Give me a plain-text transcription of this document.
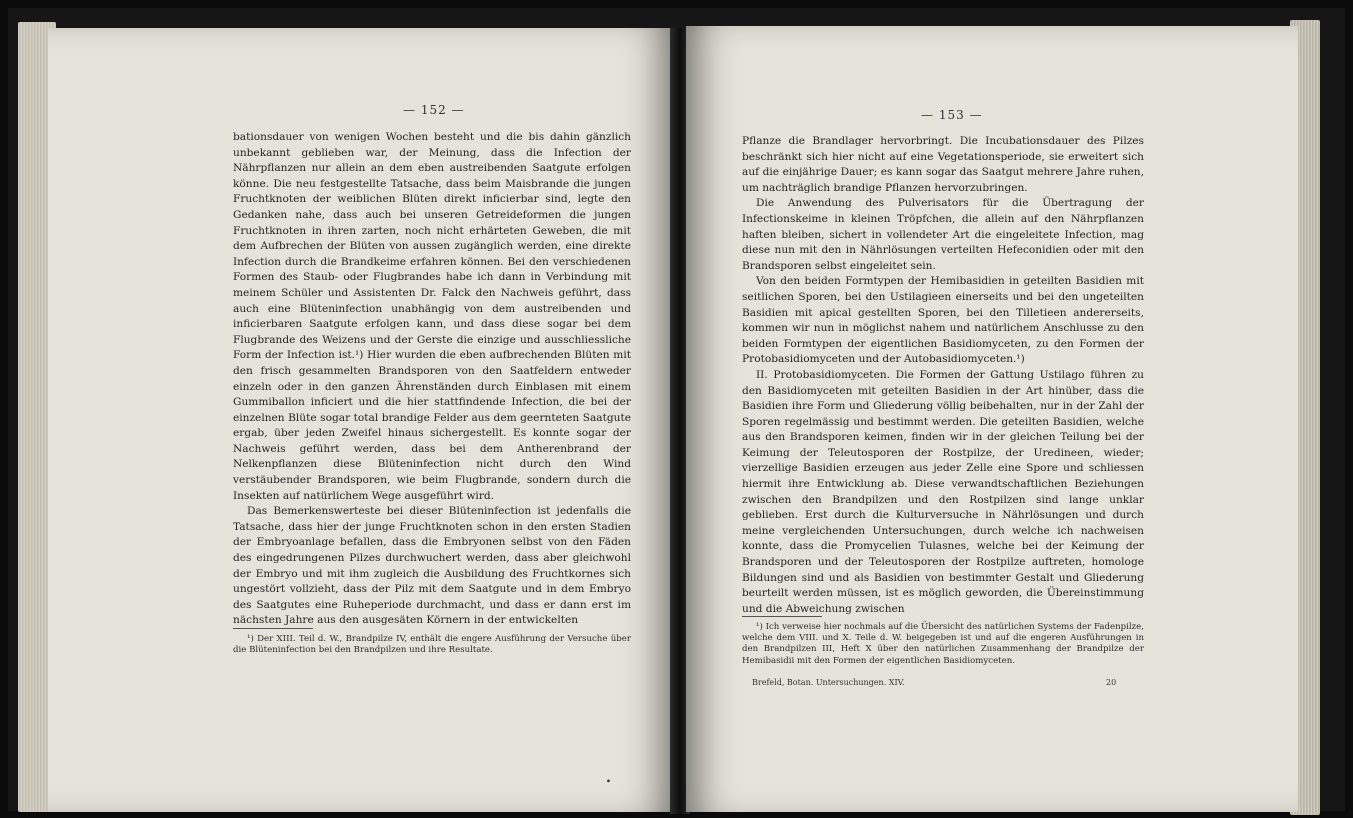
— 152 —

bationsdauer von wenigen Wochen besteht und die bis dahin gänzlich unbekannt geblieben war, der Meinung, dass die Infection der Nährpflanzen nur allein an dem eben austreibenden Saatgute erfolgen könne. Die neu festgestellte Tatsache, dass beim Maisbrande die jungen Fruchtknoten der weiblichen Blüten direkt inficierbar sind, legte den Gedanken nahe, dass auch bei unseren Getreideformen die jungen Fruchtknoten in ihren zarten, noch nicht erhärteten Geweben, die mit dem Aufbrechen der Blüten von aussen zugänglich werden, eine direkte Infection durch die Brandkeime erfahren können. Bei den verschiedenen Formen des Staub- oder Flugbrandes habe ich dann in Verbindung mit meinem Schüler und Assistenten Dr. Falck den Nachweis geführt, dass auch eine Blüteninfection unabhängig von dem austreibenden und inficierbaren Saatgute erfolgen kann, und dass diese sogar bei dem Flugbrande des Weizens und der Gerste die einzige und ausschliessliche Form der Infection ist.¹) Hier wurden die eben aufbrechenden Blüten mit den frisch gesammelten Brandsporen von den Saatfeldern entweder einzeln oder in den ganzen Ährenständen durch Einblasen mit einem Gummiballon inficiert und die hier stattfindende Infection, die bei der einzelnen Blüte sogar total brandige Felder aus dem geernteten Saatgute ergab, über jeden Zweifel hinaus sichergestellt. Es konnte sogar der Nachweis geführt werden, dass bei dem Antherenbrand der Nelkenpflanzen diese Blüteninfection nicht durch den Wind verstäubender Brandsporen, wie beim Flugbrande, sondern durch die Insekten auf natürlichem Wege ausgeführt wird.

Das Bemerkenswerteste bei dieser Blüteninfection ist jedenfalls die Tatsache, dass hier der junge Fruchtknoten schon in den ersten Stadien der Embryoanlage befallen, dass die Embryonen selbst von den Fäden des eingedrungenen Pilzes durchwuchert werden, dass aber gleichwohl der Embryo und mit ihm zugleich die Ausbildung des Fruchtkornes sich ungestört vollzieht, dass der Pilz mit dem Saatgute und in dem Embryo des Saatgutes eine Ruheperiode durchmacht, und dass er dann erst im nächsten Jahre aus den ausgesäten Körnern in der entwickelten

¹) Der XIII. Teil d. W., Brandpilze IV, enthält die engere Ausführung der Versuche über die Blüteninfection bei den Brandpilzen und ihre Resultate.

∙
— 153 —

Pflanze die Brandlager hervorbringt. Die Incubationsdauer des Pilzes beschränkt sich hier nicht auf eine Vegetationsperiode, sie erweitert sich auf die einjährige Dauer; es kann sogar das Saatgut mehrere Jahre ruhen, um nachträglich brandige Pflanzen hervorzubringen.

Die Anwendung des Pulverisators für die Übertragung der Infectionskeime in kleinen Tröpfchen, die allein auf den Nährpflanzen haften bleiben, sichert in vollendeter Art die eingeleitete Infection, mag diese nun mit den in Nährlösungen verteilten Hefeconidien oder mit den Brandsporen selbst eingeleitet sein.

Von den beiden Formtypen der Hemibasidien in geteilten Basidien mit seitlichen Sporen, bei den Ustilagieen einerseits und bei den ungeteilten Basidien mit apical gestellten Sporen, bei den Tilletieen andererseits, kommen wir nun in möglichst nahem und natürlichem Anschlusse zu den beiden Formtypen der eigentlichen Basidiomyceten, zu den Formen der Protobasidiomyceten und der Autobasidiomyceten.¹)

II. Protobasidiomyceten. Die Formen der Gattung Ustilago führen zu den Basidiomyceten mit geteilten Basidien in der Art hinüber, dass die Basidien ihre Form und Gliederung völlig beibehalten, nur in der Zahl der Sporen regelmässig und bestimmt werden. Die geteilten Basidien, welche aus den Brandsporen keimen, finden wir in der gleichen Teilung bei der Keimung der Teleutosporen der Rostpilze, der Uredineen, wieder; vierzellige Basidien erzeugen aus jeder Zelle eine Spore und schliessen hiermit ihre Entwicklung ab. Diese verwandtschaftlichen Beziehungen zwischen den Brandpilzen und den Rostpilzen sind lange unklar geblieben. Erst durch die Kulturversuche in Nährlösungen und durch meine vergleichenden Untersuchungen, durch welche ich nachweisen konnte, dass die Promycelien Tulasnes, welche bei der Keimung der Brandsporen und der Teleutosporen der Rostpilze auftreten, homologe Bildungen sind und als Basidien von bestimmter Gestalt und Gliederung beurteilt werden müssen, ist es möglich geworden, die Übereinstimmung und die Abweichung zwischen

¹) Ich verweise hier nochmals auf die Übersicht des natürlichen Systems der Fadenpilze, welche dem VIII. und X. Teile d. W. beigegeben ist und auf die engeren Ausführungen in den Brandpilzen III, Heft X über den natürlichen Zusammenhang der Brandpilze der Hemibasidii mit den Formen der eigentlichen Basidiomyceten.

Brefeld, Botan. Untersuchungen. XIV.	20
